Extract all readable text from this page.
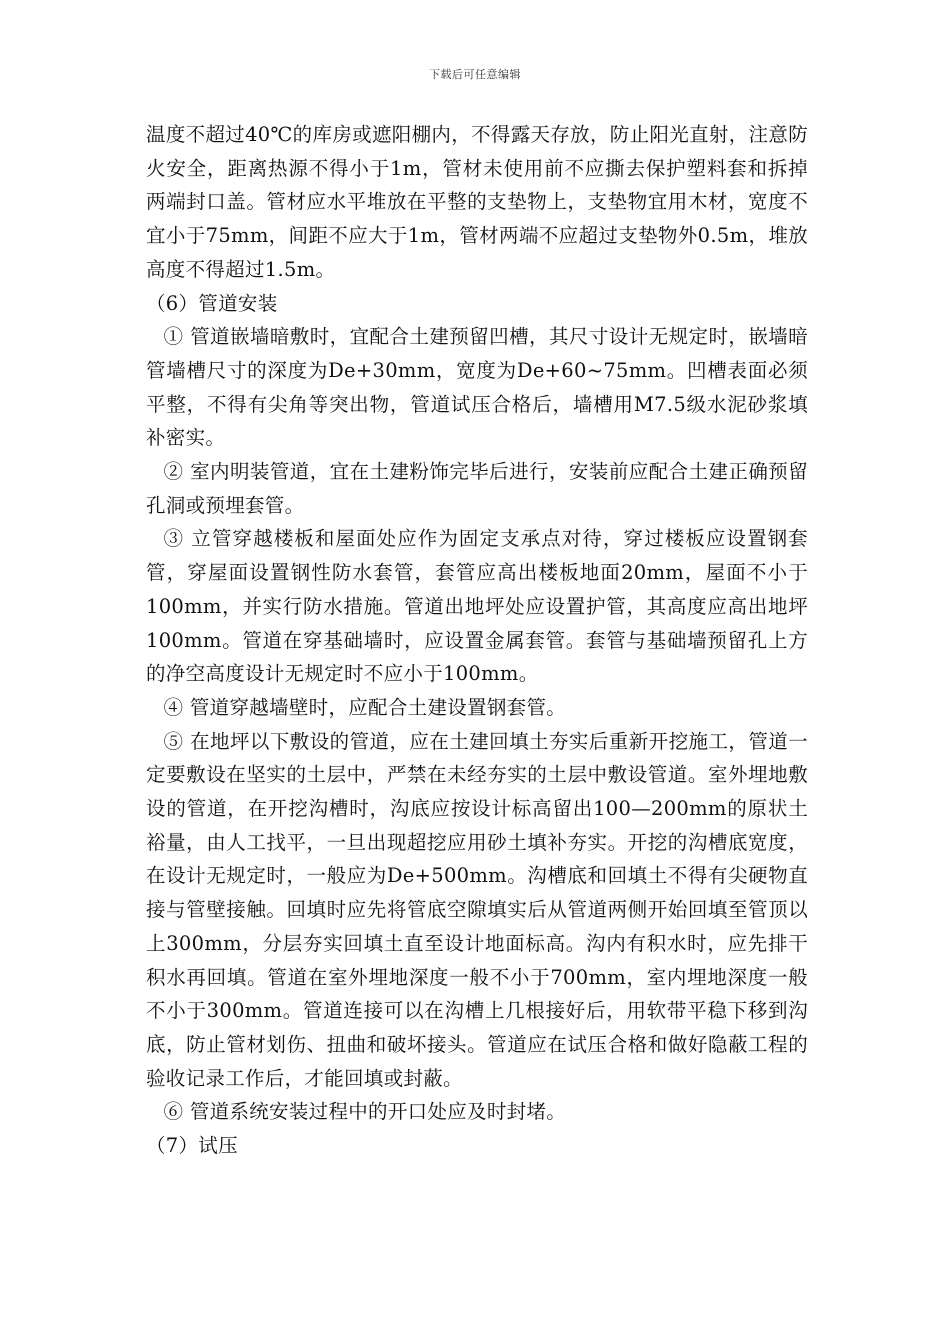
下载后可任意编辑

温度不超过40℃的库房或遮阳棚内，不得露天存放，防止阳光直射，注意防火安全，距离热源不得小于1m，管材未使用前不应撕去保护塑料套和拆掉两端封口盖。管材应水平堆放在平整的支垫物上，支垫物宜用木材，宽度不宜小于75mm，间距不应大于1m，管材两端不应超过支垫物外0.5m，堆放高度不得超过1.5m。

（6）管道安装

① 管道嵌墙暗敷时，宜配合土建预留凹槽，其尺寸设计无规定时，嵌墙暗管墙槽尺寸的深度为De+30mm，宽度为De+60~75mm。凹槽表面必须平整，不得有尖角等突出物，管道试压合格后，墙槽用M7.5级水泥砂浆填补密实。

② 室内明装管道，宜在土建粉饰完毕后进行，安装前应配合土建正确预留孔洞或预埋套管。

③ 立管穿越楼板和屋面处应作为固定支承点对待，穿过楼板应设置钢套管，穿屋面设置钢性防水套管，套管应高出楼板地面20mm，屋面不小于100mm，并实行防水措施。管道出地坪处应设置护管，其高度应高出地坪100mm。管道在穿基础墙时，应设置金属套管。套管与基础墙预留孔上方的净空高度设计无规定时不应小于100mm。

④ 管道穿越墙壁时，应配合土建设置钢套管。

⑤ 在地坪以下敷设的管道，应在土建回填土夯实后重新开挖施工，管道一定要敷设在坚实的土层中，严禁在未经夯实的土层中敷设管道。室外埋地敷设的管道，在开挖沟槽时，沟底应按设计标高留出100—200mm的原状土裕量，由人工找平，一旦出现超挖应用砂土填补夯实。开挖的沟槽底宽度，在设计无规定时，一般应为De+500mm。沟槽底和回填土不得有尖硬物直接与管壁接触。回填时应先将管底空隙填实后从管道两侧开始回填至管顶以上300mm，分层夯实回填土直至设计地面标高。沟内有积水时，应先排干积水再回填。管道在室外埋地深度一般不小于700mm，室内埋地深度一般不小于300mm。管道连接可以在沟槽上几根接好后，用软带平稳下移到沟底，防止管材划伤、扭曲和破坏接头。管道应在试压合格和做好隐蔽工程的验收记录工作后，才能回填或封蔽。

⑥ 管道系统安装过程中的开口处应及时封堵。

（7）试压
